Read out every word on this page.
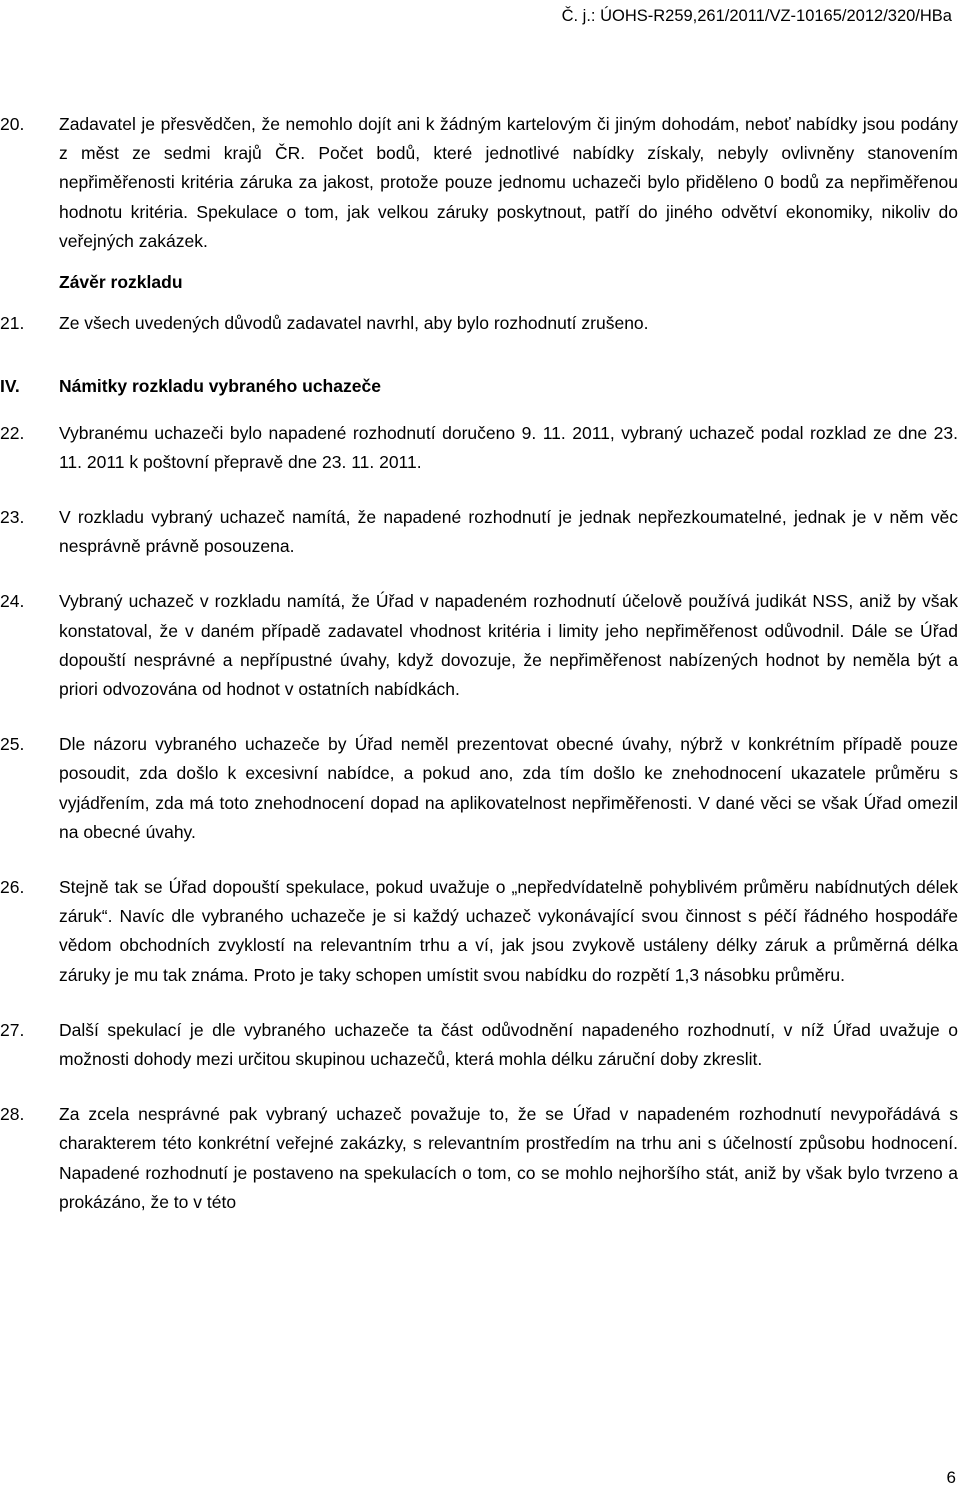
Č. j.: ÚOHS-R259,261/2011/VZ-10165/2012/320/HBa
20. Zadavatel je přesvědčen, že nemohlo dojít ani k žádným kartelovým či jiným dohodám, neboť nabídky jsou podány z měst ze sedmi krajů ČR. Počet bodů, které jednotlivé nabídky získaly, nebyly ovlivněny stanovením nepřiměřenosti kritéria záruka za jakost, protože pouze jednomu uchazeči bylo přiděleno 0 bodů za nepřiměřenou hodnotu kritéria. Spekulace o tom, jak velkou záruky poskytnout, patří do jiného odvětví ekonomiky, nikoliv do veřejných zakázek.
Závěr rozkladu
21. Ze všech uvedených důvodů zadavatel navrhl, aby bylo rozhodnutí zrušeno.
IV. Námitky rozkladu vybraného uchazeče
22. Vybranému uchazeči bylo napadené rozhodnutí doručeno 9. 11. 2011, vybraný uchazeč podal rozklad ze dne 23. 11. 2011 k poštovní přepravě dne 23. 11. 2011.
23. V rozkladu vybraný uchazeč namítá, že napadené rozhodnutí je jednak nepřezkoumatelné, jednak je v něm věc nesprávně právně posouzena.
24. Vybraný uchazeč v rozkladu namítá, že Úřad v napadeném rozhodnutí účelově používá judikát NSS, aniž by však konstatoval, že v daném případě zadavatel vhodnost kritéria i limity jeho nepřiměřenost odůvodnil. Dále se Úřad dopouští nesprávné a nepřípustné úvahy, když dovozuje, že nepřiměřenost nabízených hodnot by neměla být a priori odvozována od hodnot v ostatních nabídkách.
25. Dle názoru vybraného uchazeče by Úřad neměl prezentovat obecné úvahy, nýbrž v konkrétním případě pouze posoudit, zda došlo k excesivní nabídce, a pokud ano, zda tím došlo ke znehodnocení ukazatele průměru s vyjádřením, zda má toto znehodnocení dopad na aplikovatelnost nepřiměřenosti. V dané věci se však Úřad omezil na obecné úvahy.
26. Stejně tak se Úřad dopouští spekulace, pokud uvažuje o „nepředvídatelně pohyblivém průměru nabídnutých délek záruk“. Navíc dle vybraného uchazeče je si každý uchazeč vykonávající svou činnost s péčí řádného hospodáře vědom obchodních zvyklostí na relevantním trhu a ví, jak jsou zvykově ustáleny délky záruk a průměrná délka záruky je mu tak známa. Proto je taky schopen umístit svou nabídku do rozpětí 1,3 násobku průměru.
27. Další spekulací je dle vybraného uchazeče ta část odůvodnění napadeného rozhodnutí, v níž Úřad uvažuje o možnosti dohody mezi určitou skupinou uchazečů, která mohla délku záruční doby zkreslit.
28. Za zcela nesprávné pak vybraný uchazeč považuje to, že se Úřad v napadeném rozhodnutí nevypořádává s charakterem této konkrétní veřejné zakázky, s relevantním prostředím na trhu ani s účelností způsobu hodnocení. Napadené rozhodnutí je postaveno na spekulacích o tom, co se mohlo nejhoršího stát, aniž by však bylo tvrzeno a prokázáno, že to v této
6
